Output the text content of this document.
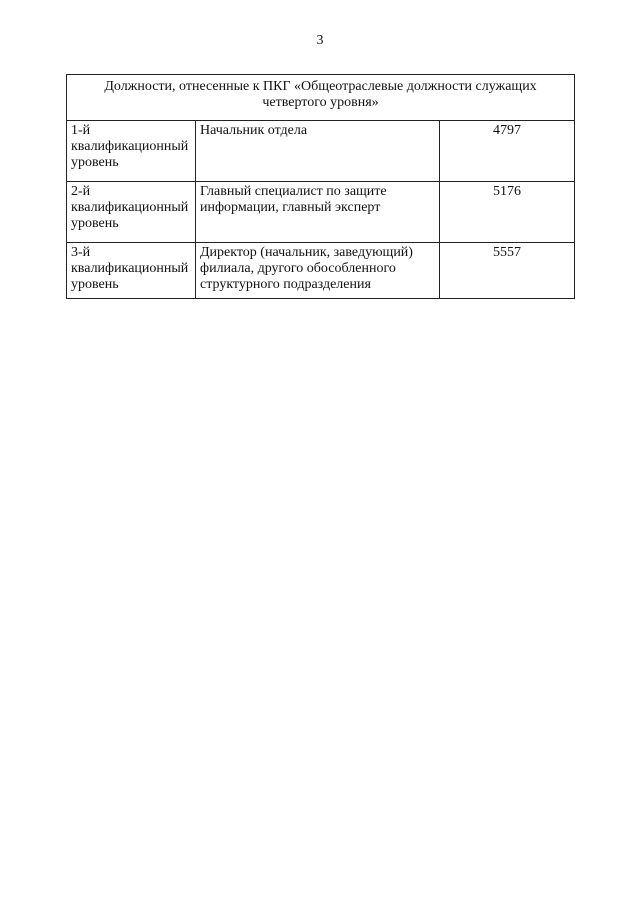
3
Должности, отнесенные к ПКГ «Общеотраслевые должности служащих четвертого уровня»		
1-й квалификационный уровень	Начальник отдела	4797
2-й квалификационный уровень	Главный специалист по защите информации, главный эксперт	5176
3-й квалификационный уровень	Директор (начальник, заведующий) филиала, другого обособленного структурного подразделения	5557
